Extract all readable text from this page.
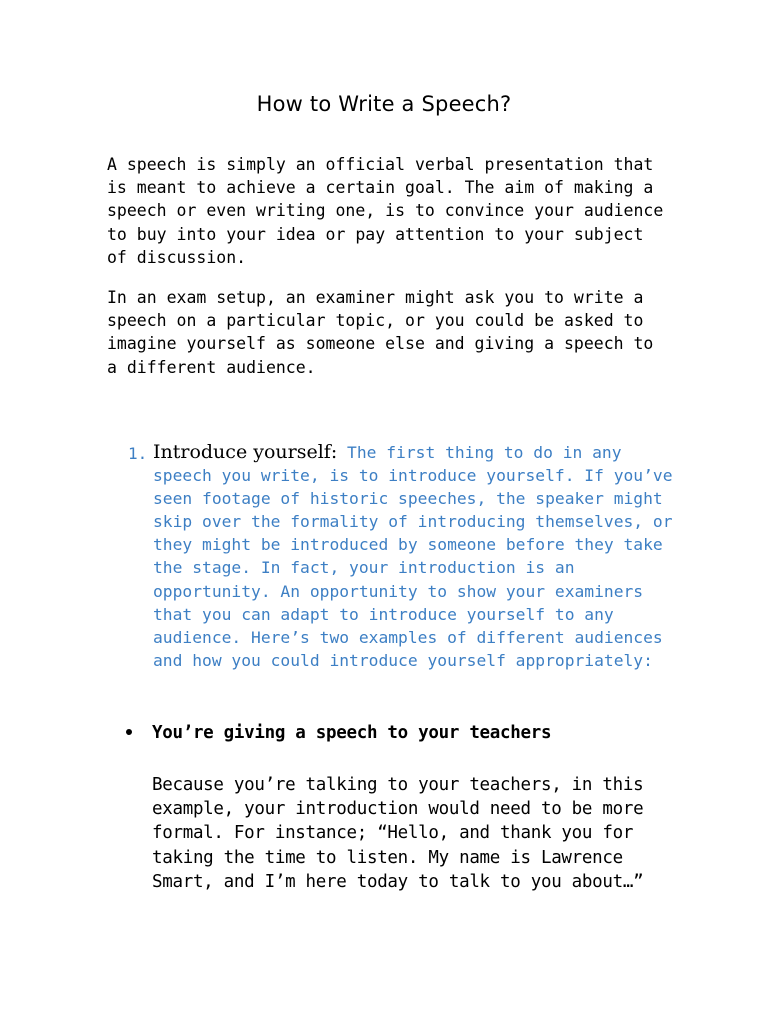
How to Write a Speech?

A speech is simply an official verbal presentation that is meant to achieve a certain goal. The aim of making a speech or even writing one, is to convince your audience to buy into your idea or pay attention to your subject of discussion.

In an exam setup, an examiner might ask you to write a speech on a particular topic, or you could be asked to imagine yourself as someone else and giving a speech to a different audience.

1. Introduce yourself: The first thing to do in any speech you write, is to introduce yourself. If you’ve seen footage of historic speeches, the speaker might skip over the formality of introducing themselves, or they might be introduced by someone before they take the stage. In fact, your introduction is an opportunity. An opportunity to show your examiners that you can adapt to introduce yourself to any audience. Here’s two examples of different audiences and how you could introduce yourself appropriately:

You’re giving a speech to your teachers

Because you’re talking to your teachers, in this example, your introduction would need to be more formal. For instance; “Hello, and thank you for taking the time to listen. My name is Lawrence Smart, and I’m here today to talk to you about…”
